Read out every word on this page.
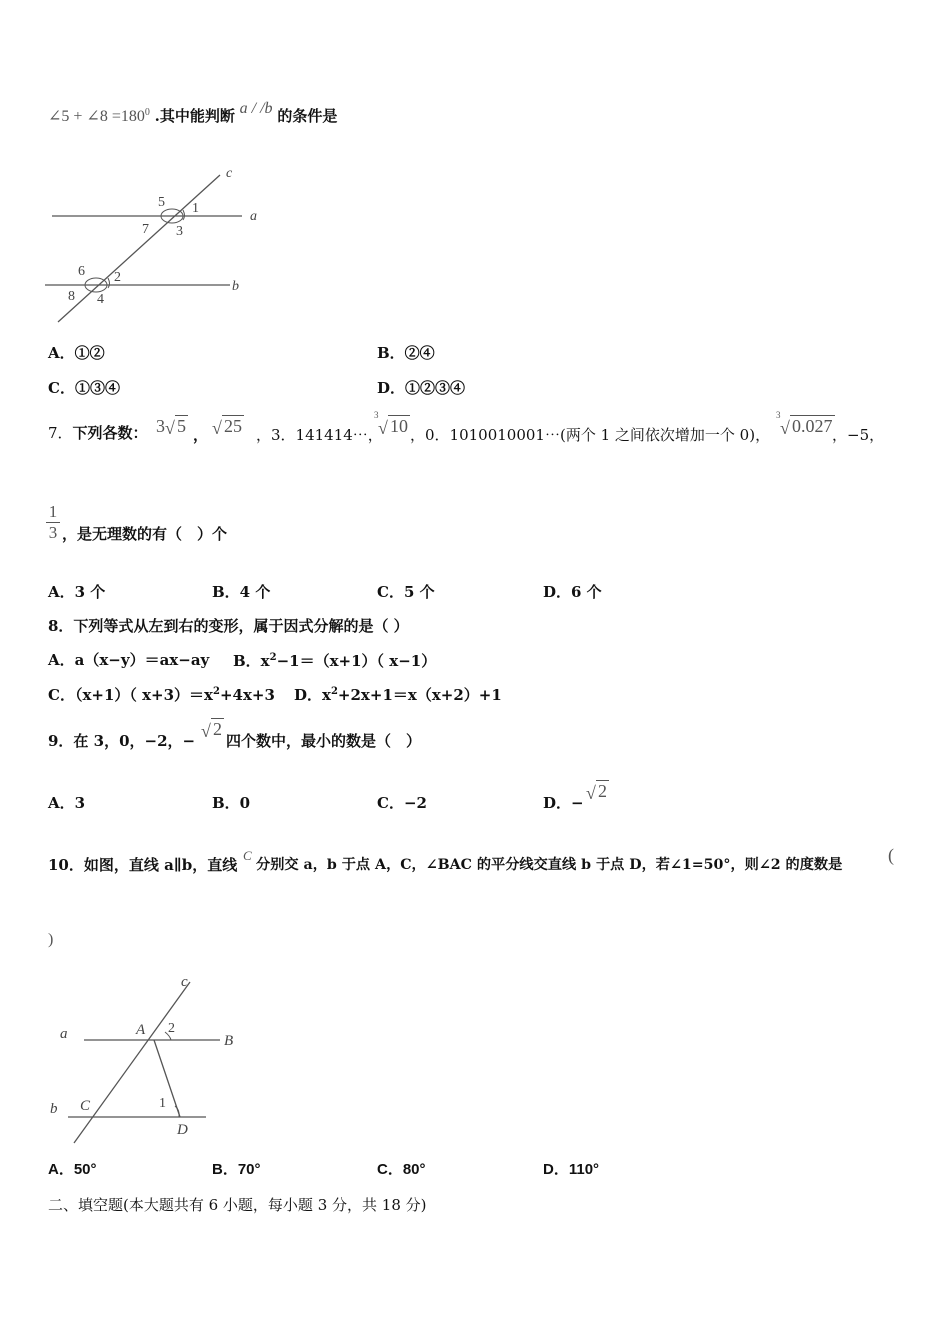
∠5 + ∠8 $=180^0$ .其中能判断 a / /b 的条件是
c
a
b
5 1
7 3
6 2
8 4
A．①②	B．②④
C．①③④	D．①②③④
7．下列各数： 3 √ 5 ， √ 25 ，3．141414⋯，
3
√ 10 ，0．1010010001⋯(两个 1 之间依次增加一个 0)，
3
√ 0.027 ，−5，
$\frac{1}{3}$ ，是无理数的有（　）个
A．3 个	B．4 个	C．5 个	D．6 个
8．下列等式从左到右的变形，属于因式分解的是（ ）
A．a（x−y）＝ax−ay B．$x^2-1=(x+1)$（ x−1）
C．（x+1）（ $x+3)=x^2+4x+3$ D．$x^2+2x+1=x(x+2)+1$
9．在 3，0，−2，− √ 2
四个数中，最小的数是（　）
A．3	B．0	C．−2	D．− √ 2
10．如图，直线 a∥b，直线
C
分别交 a，b 于点 A，C，∠BAC 的平分线交直线 b 于点 D，若∠1=50°，则∠2 的度数是	(
)
c
a	A 2
B
b C	1
D
A．50°	B．70°	C．80°	D．110°
二、填空题(本大题共有 6 小题，每小题 3 分，共 18 分)
